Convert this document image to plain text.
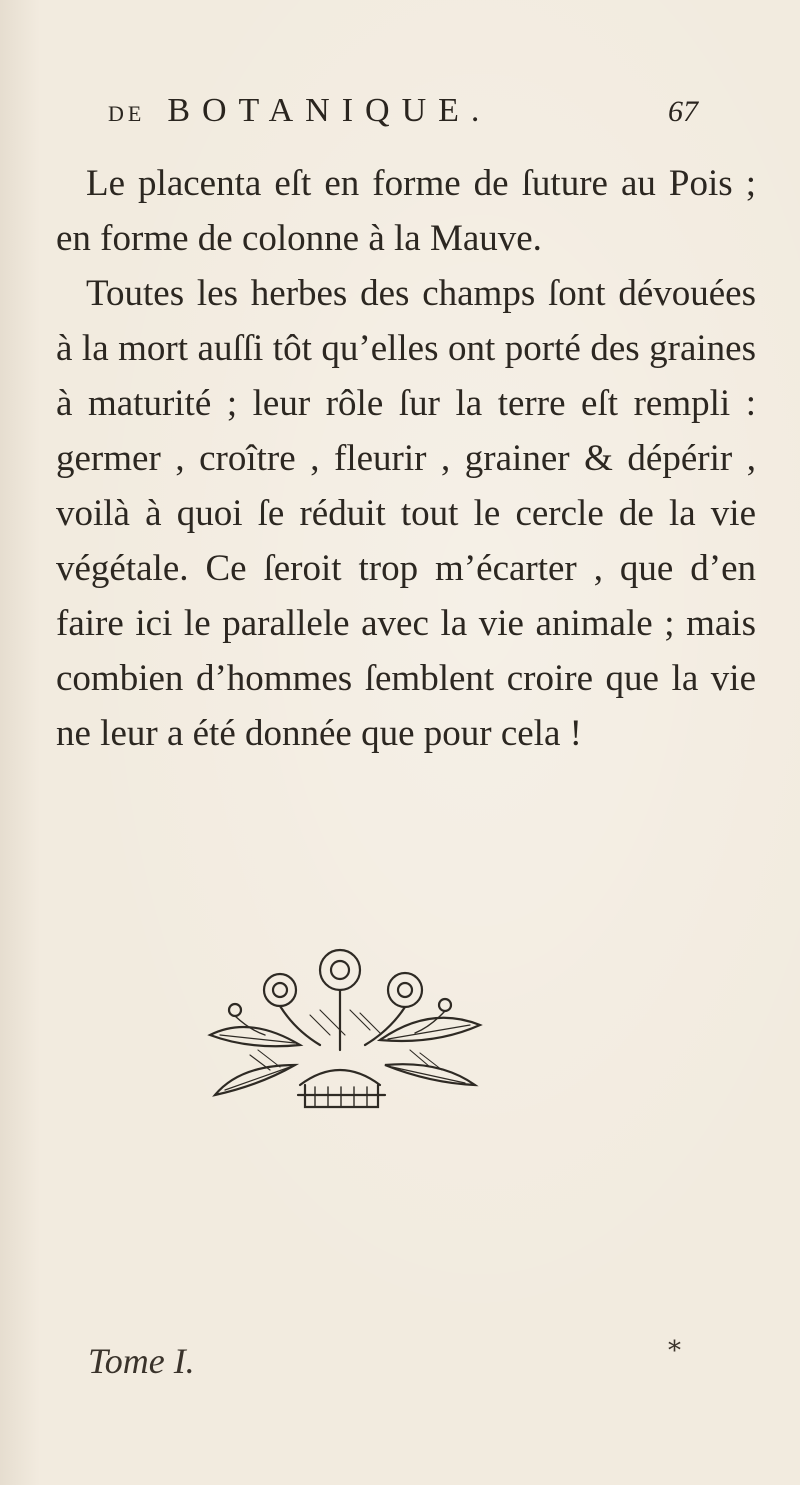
DE BOTANIQUE.	67

Le placenta eſt en forme de ſuture au Pois ; en forme de colonne à la Mauve.

Toutes les herbes des champs ſont dévouées à la mort auſſi tôt qu’elles ont porté des graines à maturité ; leur rôle ſur la terre eſt rempli : germer , croître , fleurir , grainer & dépérir , voilà à quoi ſe réduit tout le cercle de la vie végétale. Ce ſeroit trop m’écarter , que d’en faire ici le parallele avec la vie animale ; mais combien d’hommes ſemblent croire que la vie ne leur a été donnée que pour cela !

Tome I.	*
